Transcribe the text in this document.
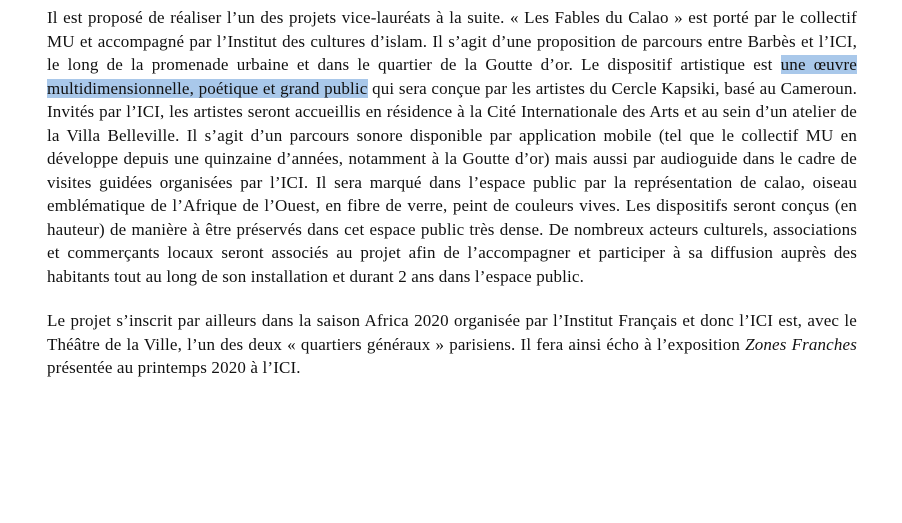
Il est proposé de réaliser l’un des projets vice-lauréats à la suite. « Les Fables du Calao » est porté par le collectif MU et accompagné par l’Institut des cultures d’islam. Il s’agit d’une proposition de parcours entre Barbès et l’ICI, le long de la promenade urbaine et dans le quartier de la Goutte d’or. Le dispositif artistique est une œuvre multidimensionnelle, poétique et grand public qui sera conçue par les artistes du Cercle Kapsiki, basé au Cameroun. Invités par l’ICI, les artistes seront accueillis en résidence à la Cité Internationale des Arts et au sein d’un atelier de la Villa Belleville. Il s’agit d’un parcours sonore disponible par application mobile (tel que le collectif MU en développe depuis une quinzaine d’années, notamment à la Goutte d’or) mais aussi par audioguide dans le cadre de visites guidées organisées par l’ICI. Il sera marqué dans l’espace public par la représentation de calao, oiseau emblématique de l’Afrique de l’Ouest, en fibre de verre, peint de couleurs vives. Les dispositifs seront conçus (en hauteur) de manière à être préservés dans cet espace public très dense. De nombreux acteurs culturels, associations et commerçants locaux seront associés au projet afin de l’accompagner et participer à sa diffusion auprès des habitants tout au long de son installation et durant 2 ans dans l’espace public.

Le projet s’inscrit par ailleurs dans la saison Africa 2020 organisée par l’Institut Français et donc l’ICI est, avec le Théâtre de la Ville, l’un des deux « quartiers généraux » parisiens. Il fera ainsi écho à l’exposition Zones Franches présentée au printemps 2020 à l’ICI.
